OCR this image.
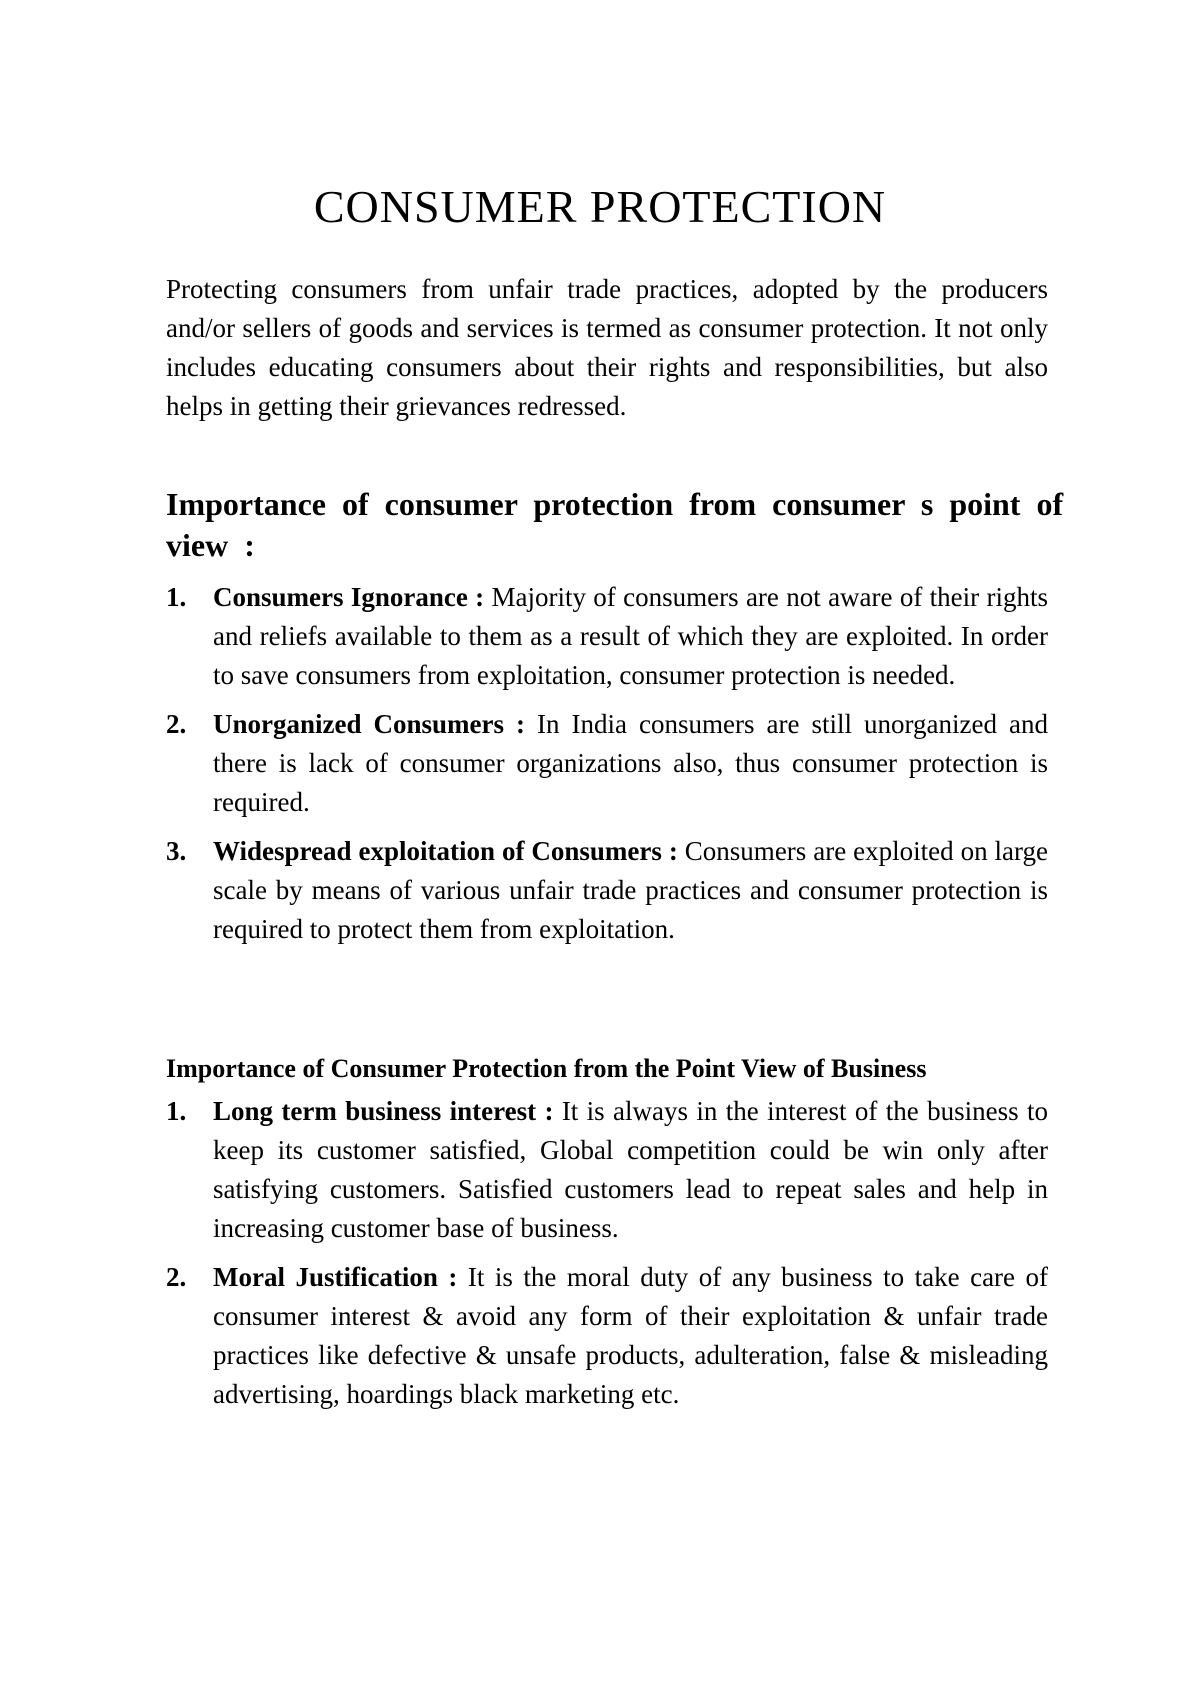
CONSUMER PROTECTION

Protecting consumers from unfair trade practices, adopted by the producers and/or sellers of goods and services is termed as consumer protection. It not only includes educating consumers about their rights and responsibilities, but also helps in getting their grievances redressed.

Importance of consumer protection from consumer s point of view :
1. Consumers Ignorance : Majority of consumers are not aware of their rights and reliefs available to them as a result of which they are exploited. In order to save consumers from exploitation, consumer protection is needed.
2. Unorganized Consumers : In India consumers are still unorganized and there is lack of consumer organizations also, thus consumer protection is required.
3. Widespread exploitation of Consumers : Consumers are exploited on large scale by means of various unfair trade practices and consumer protection is required to protect them from exploitation.
Importance of Consumer Protection from the Point View of Business
1. Long term business interest : It is always in the interest of the business to keep its customer satisfied, Global competition could be win only after satisfying customers. Satisfied customers lead to repeat sales and help in increasing customer base of business.
2. Moral Justification : It is the moral duty of any business to take care of consumer interest & avoid any form of their exploitation & unfair trade practices like defective & unsafe products, adulteration, false & misleading advertising, hoardings black marketing etc.
